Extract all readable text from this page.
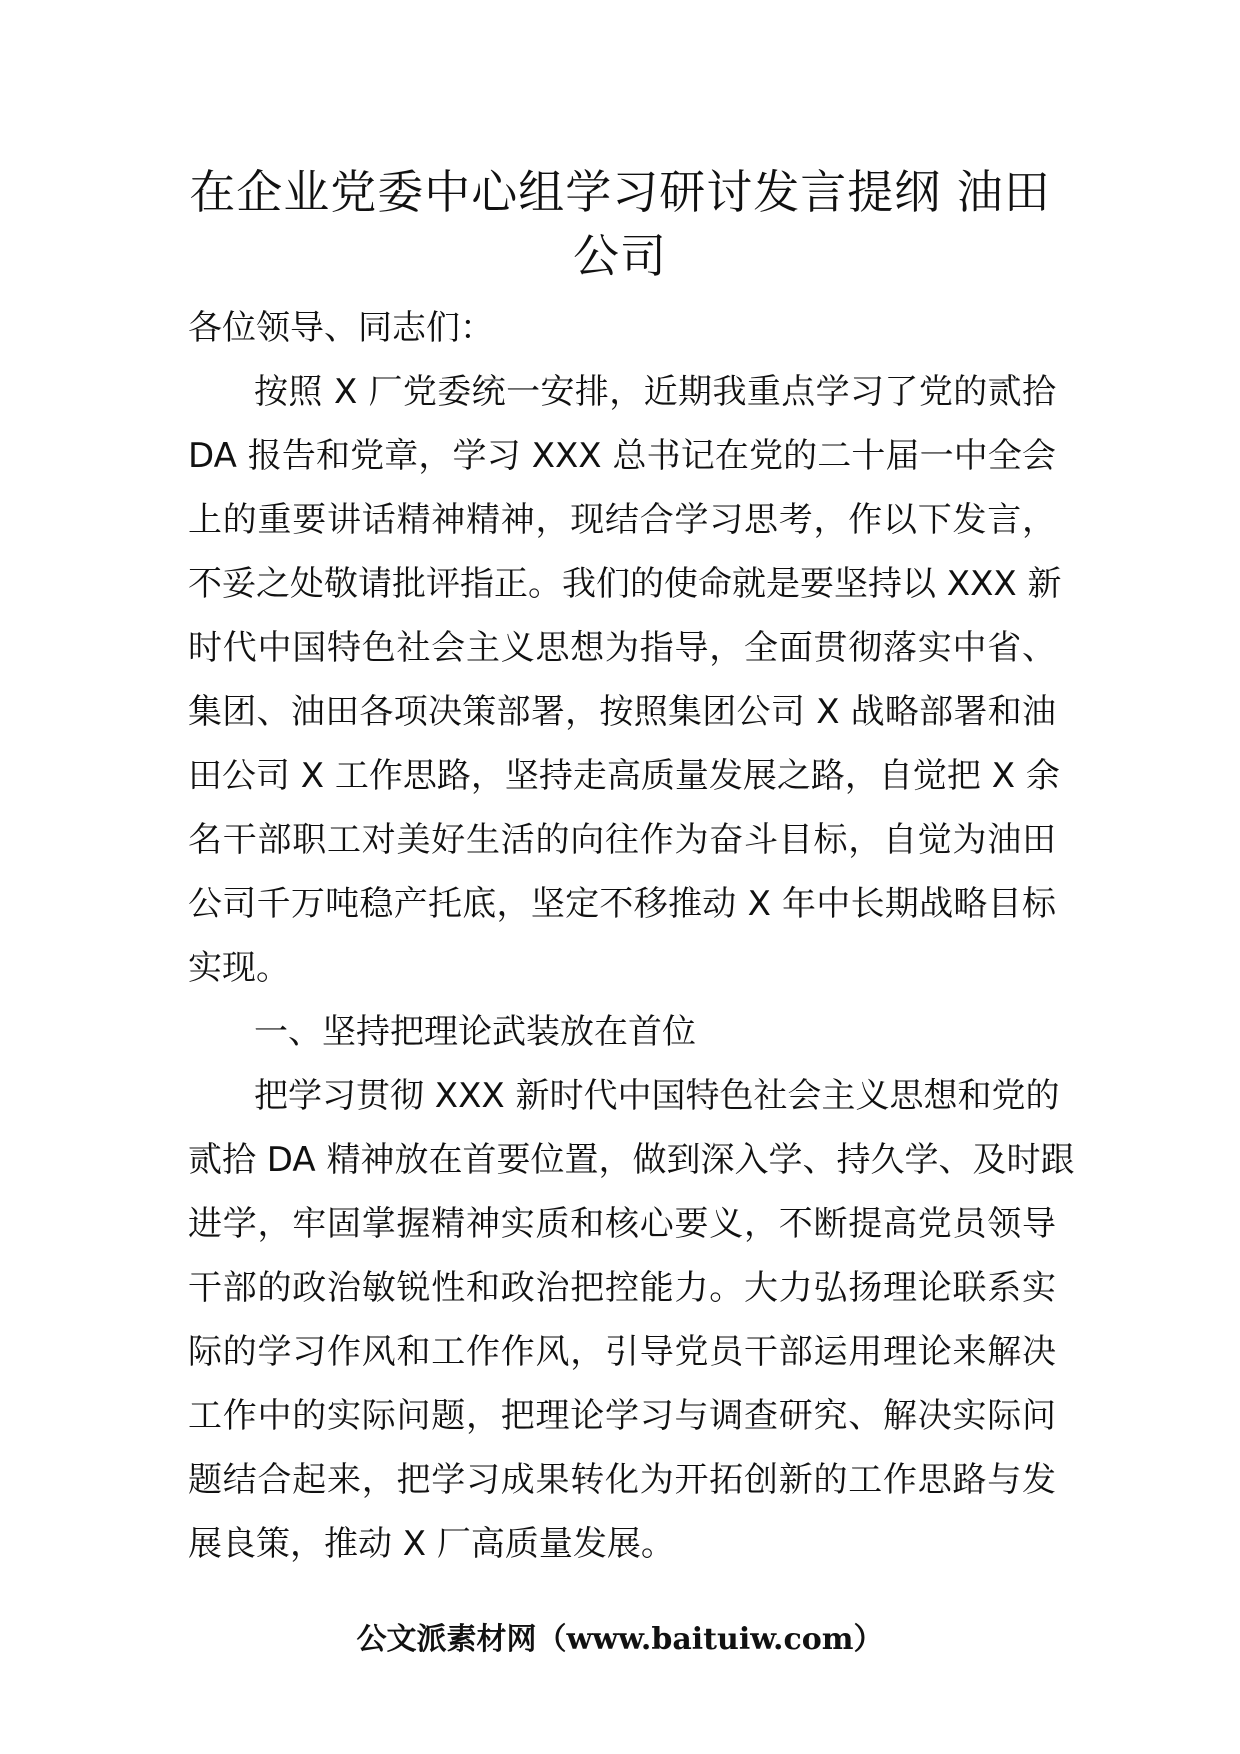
在企业党委中心组学习研讨发言提纲 油田
公司
各位领导、同志们：
按照 X 厂党委统一安排，近期我重点学习了党的贰拾
DA 报告和党章，学习 XXX 总书记在党的二十届一中全会
上的重要讲话精神精神，现结合学习思考，作以下发言，
不妥之处敬请批评指正。我们的使命就是要坚持以 XXX 新
时代中国特色社会主义思想为指导，全面贯彻落实中省、
集团、油田各项决策部署，按照集团公司 X 战略部署和油
田公司 X 工作思路，坚持走高质量发展之路，自觉把 X 余
名干部职工对美好生活的向往作为奋斗目标，自觉为油田
公司千万吨稳产托底，坚定不移推动 X 年中长期战略目标
实现。
一、坚持把理论武装放在首位
把学习贯彻 XXX 新时代中国特色社会主义思想和党的
贰拾 DA 精神放在首要位置，做到深入学、持久学、及时跟
进学，牢固掌握精神实质和核心要义，不断提高党员领导
干部的政治敏锐性和政治把控能力。大力弘扬理论联系实
际的学习作风和工作作风，引导党员干部运用理论来解决
工作中的实际问题，把理论学习与调查研究、解决实际问
题结合起来，把学习成果转化为开拓创新的工作思路与发
展良策，推动 X 厂高质量发展。
公文派素材网（www.baituiw.com）
